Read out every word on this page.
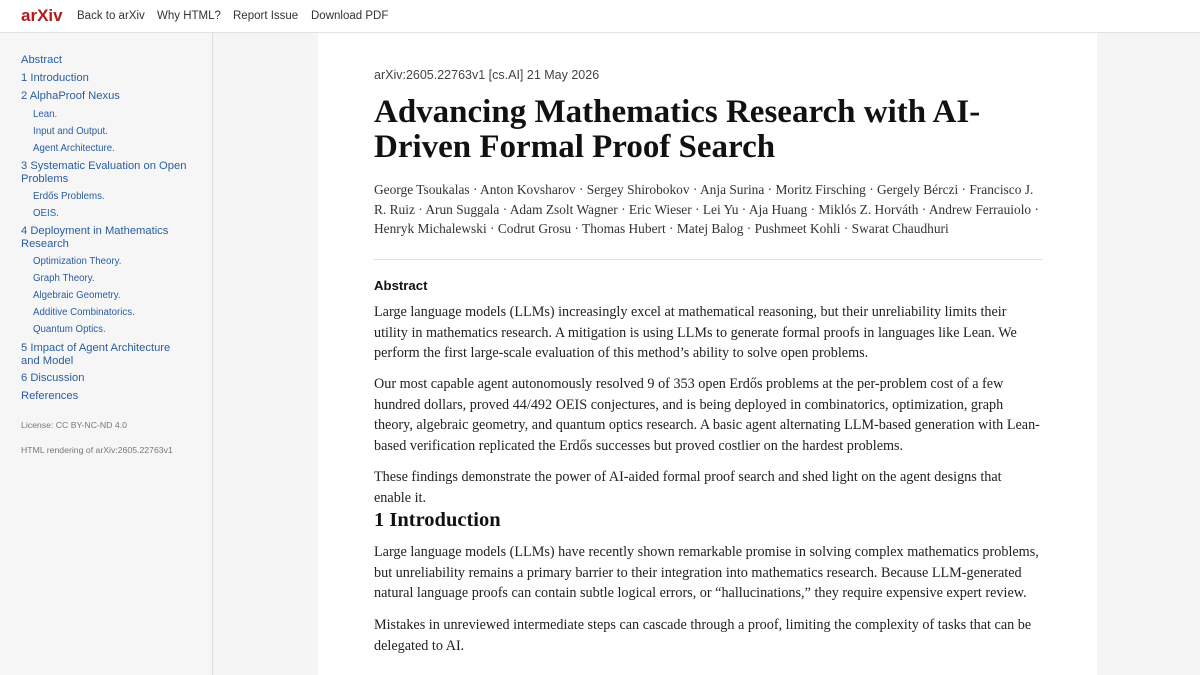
arXiv Back to arXiv Why HTML? Report Issue Download PDF
Abstract
1 Introduction
2 AlphaProof Nexus
Lean.
Input and Output.
Agent Architecture.
3 Systematic Evaluation on Open Problems
Erdős Problems.
OEIS.
4 Deployment in Mathematics Research
Optimization Theory.
Graph Theory.
Algebraic Geometry.
Additive Combinatorics.
Quantum Optics.
5 Impact of Agent Architecture and Model
6 Discussion
References
License: CC BY-NC-ND 4.0
HTML rendering of arXiv:2605.22763v1
arXiv:2605.22763v1 [cs.AI] 21 May 2026
Advancing Mathematics Research with AI-Driven Formal Proof Search

George Tsoukalas · Anton Kovsharov · Sergey Shirobokov · Anja Surina · Moritz Firsching · Gergely Bérczi · Francisco J. R. Ruiz · Arun Suggala · Adam Zsolt Wagner · Eric Wieser · Lei Yu · Aja Huang · Miklós Z. Horváth · Andrew Ferrauiolo · Henryk Michalewski · Codrut Grosu · Thomas Hubert · Matej Balog · Pushmeet Kohli · Swarat Chaudhuri

Abstract

Large language models (LLMs) increasingly excel at mathematical reasoning, but their unreliability limits their utility in mathematics research. A mitigation is using LLMs to generate formal proofs in languages like Lean. We perform the first large-scale evaluation of this method’s ability to solve open problems.

Our most capable agent autonomously resolved 9 of 353 open Erdős problems at the per-problem cost of a few hundred dollars, proved 44/492 OEIS conjectures, and is being deployed in combinatorics, optimization, graph theory, algebraic geometry, and quantum optics research. A basic agent alternating LLM-based generation with Lean-based verification replicated the Erdős successes but proved costlier on the hardest problems.

These findings demonstrate the power of AI-aided formal proof search and shed light on the agent designs that enable it.

1 Introduction

Large language models (LLMs) have recently shown remarkable promise in solving complex mathematics problems, but unreliability remains a primary barrier to their integration into mathematics research. Because LLM-generated natural language proofs can contain subtle logical errors, or “hallucinations,” they require expensive expert review.

Mistakes in unreviewed intermediate steps can cascade through a proof, limiting the complexity of tasks that can be delegated to AI.
